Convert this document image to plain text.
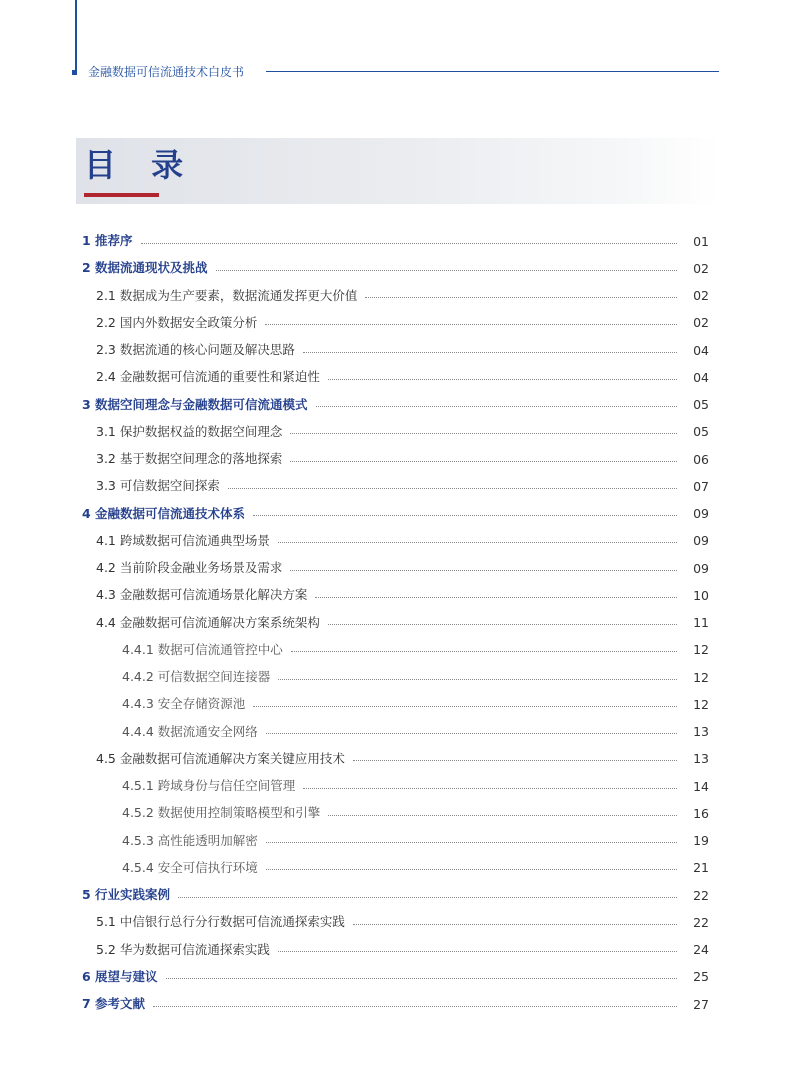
金融数据可信流通技术白皮书
目 录
1 推荐序	01
2 数据流通现状及挑战	02
2.1 数据成为生产要素，数据流通发挥更大价值	02
2.2 国内外数据安全政策分析	02
2.3 数据流通的核心问题及解决思路	04
2.4 金融数据可信流通的重要性和紧迫性	04
3 数据空间理念与金融数据可信流通模式	05
3.1 保护数据权益的数据空间理念	05
3.2 基于数据空间理念的落地探索	06
3.3 可信数据空间探索	07
4 金融数据可信流通技术体系	09
4.1 跨域数据可信流通典型场景	09
4.2 当前阶段金融业务场景及需求	09
4.3 金融数据可信流通场景化解决方案	10
4.4 金融数据可信流通解决方案系统架构	11
4.4.1 数据可信流通管控中心	12
4.4.2 可信数据空间连接器	12
4.4.3 安全存储资源池	12
4.4.4 数据流通安全网络	13
4.5 金融数据可信流通解决方案关键应用技术	13
4.5.1 跨域身份与信任空间管理	14
4.5.2 数据使用控制策略模型和引擎	16
4.5.3 高性能透明加解密	19
4.5.4 安全可信执行环境	21
5 行业实践案例	22
5.1 中信银行总行分行数据可信流通探索实践	22
5.2 华为数据可信流通探索实践	24
6 展望与建议	25
7 参考文献	27
